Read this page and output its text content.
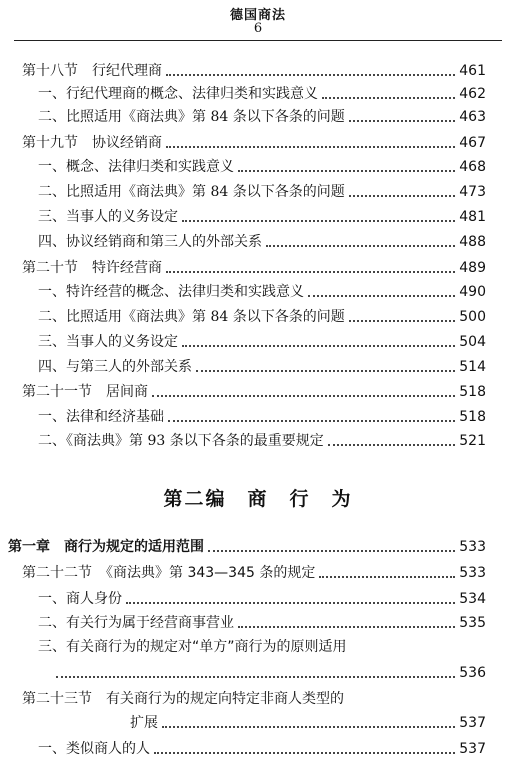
德国商法
6
第十八节　行纪代理商	461
一、行纪代理商的概念、法律归类和实践意义	462
二、比照适用《商法典》第 84 条以下各条的问题	463
第十九节　协议经销商	467
一、概念、法律归类和实践意义	468
二、比照适用《商法典》第 84 条以下各条的问题	473
三、当事人的义务设定	481
四、协议经销商和第三人的外部关系	488
第二十节　特许经营商	489
一、特许经营的概念、法律归类和实践意义	490
二、比照适用《商法典》第 84 条以下各条的问题	500
三、当事人的义务设定	504
四、与第三人的外部关系	514
第二十一节　居间商	518
一、法律和经济基础	518
二、《商法典》第 93 条以下各条的最重要规定	521
第二编　商　行　为
第一章　商行为规定的适用范围	533
第二十二节　《商法典》第 343—345 条的规定	533
一、商人身份	534
二、有关行为属于经营商事营业	535
三、有关商行为的规定对“单方”商行为的原则适用
536
第二十三节　有关商行为的规定向特定非商人类型的
扩展	537
一、类似商人的人	537
